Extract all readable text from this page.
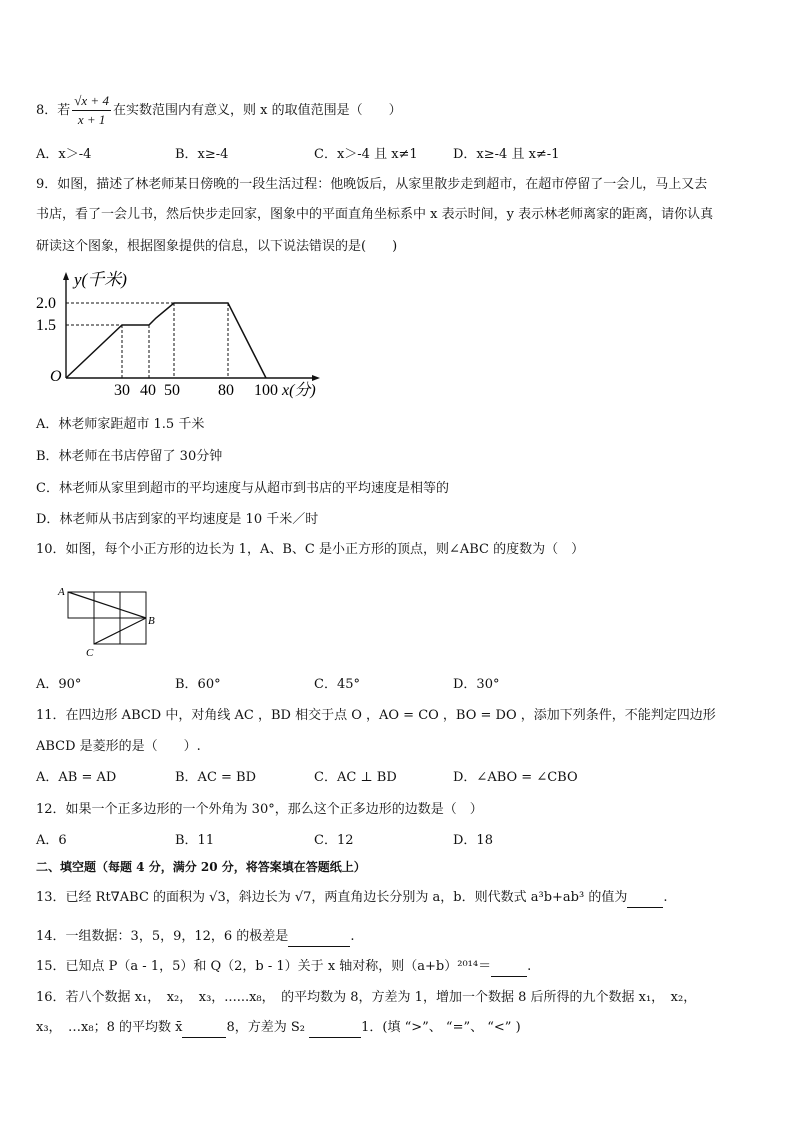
8．若 $\frac{√x + 4}{x + 1}$ 在实数范围内有意义，则 x 的取值范围是（　　）
A．x＞-4	B．x≥-4	C．x＞-4 且 x≠1	D．x≥-4 且 x≠-1
9．如图，描述了林老师某日傍晚的一段生活过程：他晚饭后，从家里散步走到超市，在超市停留了一会儿，马上又去
书店，看了一会儿书，然后快步走回家，图象中的平面直角坐标系中 x 表示时间，y 表示林老师离家的距离，请你认真
研读这个图象，根据图象提供的信息，以下说法错误的是(　　)
y(千米)
2.0
1.5
O
30 40 50 80 100 x(分)
A．林老师家距超市 1.5 千米
B．林老师在书店停留了 30分钟
C．林老师从家里到超市的平均速度与从超市到书店的平均速度是相等的
D．林老师从书店到家的平均速度是 10 千米／时
10．如图，每个小正方形的边长为 1，A、B、C 是小正方形的顶点，则∠ABC 的度数为（　）
A
B
C
A．90°	B．60°	C．45°	D．30°
11．在四边形 ABCD 中，对角线 AC ，BD 相交于点 O ，AO = CO ，BO = DO ，添加下列条件，不能判定四边形
ABCD 是菱形的是（　　）.
A．AB = AD	B．AC = BD	C．AC ⊥ BD	D．∠ABO = ∠CBO
12．如果一个正多边形的一个外角为 30°，那么这个正多边形的边数是（　）
A．6	B．11	C．12	D．18
二、填空题（每题 4 分，满分 20 分，将答案填在答题纸上）
13．已经 Rt∇ABC 的面积为 √3，斜边长为 √7，两直角边长分别为 a，b．则代数式 a³b+ab³ 的值为	.
14．一组数据：3，5，9，12，6 的极差是	.
15．已知点 P（a - 1，5）和 Q（2，b - 1）关于 x 轴对称，则（a+b）²⁰¹⁴＝	.
16．若八个数据 x₁，　x₂，　x₃，......x₈，　的平均数为 8，方差为 1，增加一个数据 8 后所得的九个数据 x₁，　x₂，
x₃，　…x₈；8 的平均数 x̄	8，方差为 S₂	1．(填 “>”、 “=”、 “<” )
